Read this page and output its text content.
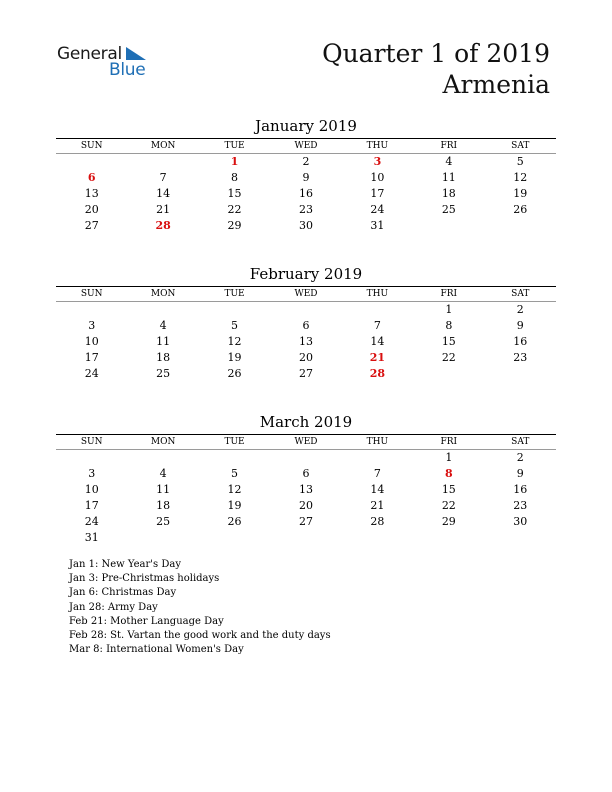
General
Blue
Quarter 1 of 2019
Armenia
January 2019
SUN	MON	TUE	WED	THU	FRI	SAT
		1	2	3	4	5
6	7	8	9	10	11	12
13	14	15	16	17	18	19
20	21	22	23	24	25	26
27	28	29	30	31		
February 2019
SUN	MON	TUE	WED	THU	FRI	SAT
					1	2
3	4	5	6	7	8	9
10	11	12	13	14	15	16
17	18	19	20	21	22	23
24	25	26	27	28		
March 2019
SUN	MON	TUE	WED	THU	FRI	SAT
					1	2
3	4	5	6	7	8	9
10	11	12	13	14	15	16
17	18	19	20	21	22	23
24	25	26	27	28	29	30
31						
Jan 1: New Year's Day
Jan 3: Pre-Christmas holidays
Jan 6: Christmas Day
Jan 28: Army Day
Feb 21: Mother Language Day
Feb 28: St. Vartan the good work and the duty days
Mar 8: International Women's Day
